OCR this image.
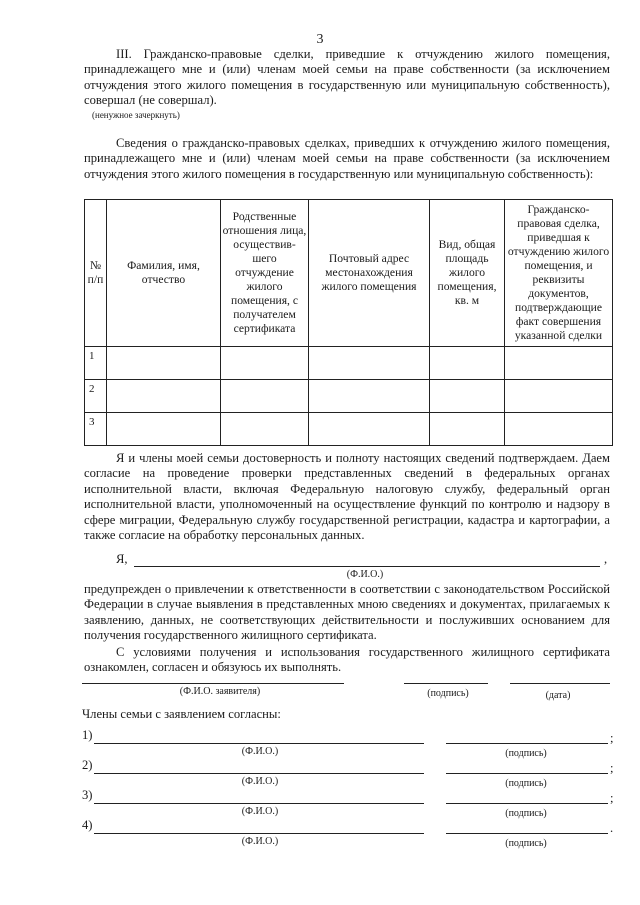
3
III. Гражданско-правовые сделки, приведшие к отчуждению жилого помещения, принадлежащего мне и (или) членам моей семьи на праве собственности (за исключением отчуждения этого жилого помещения в государственную или муниципальную собственность), совершал (не совершал).
(ненужное зачеркнуть)
Сведения о гражданско-правовых сделках, приведших к отчуждению жилого помещения, принадлежащего мне и (или) членам моей семьи на праве собственности (за исключением отчуждения этого жилого помещения в государственную или муниципальную собственность):
№ п/п	Фамилия, имя, отчество	Родственные отношения лица, осуществив-шего отчуждение жилого помещения, с получателем сертификата	Почтовый адрес местонахождения жилого помещения	Вид, общая площадь жилого помещения, кв. м	Гражданско-правовая сделка, приведшая к отчуждению жилого помещения, и реквизиты документов, подтверждающие факт совершения указанной сделки
1					
2					
3					
Я и члены моей семьи достоверность и полноту настоящих сведений подтверждаем. Даем согласие на проведение проверки представленных сведений в федеральных органах исполнительной власти, включая Федеральную налоговую службу, федеральный орган исполнительной власти, уполномоченный на осуществление функций по контролю и надзору в сфере миграции, Федеральную службу государственной регистрации, кадастра и картографии, а также согласие на обработку персональных данных.
Я,	,
(Ф.И.О.)
предупрежден о привлечении к ответственности в соответствии с законодательством Российской Федерации в случае выявления в представленных мною сведениях и документах, прилагаемых к заявлению, данных, не соответствующих действительности и послуживших основанием для получения государственного жилищного сертификата.
С условиями получения и использования государственного жилищного сертификата ознакомлен, согласен и обязуюсь их выполнять.
(Ф.И.О. заявителя)	(подпись)	(дата)
Члены семьи с заявлением согласны:
1)	;
(Ф.И.О.)	(подпись)
2)	;
(Ф.И.О.)	(подпись)
3)	;
(Ф.И.О.)	(подпись)
4)	.
(Ф.И.О.)	(подпись)
